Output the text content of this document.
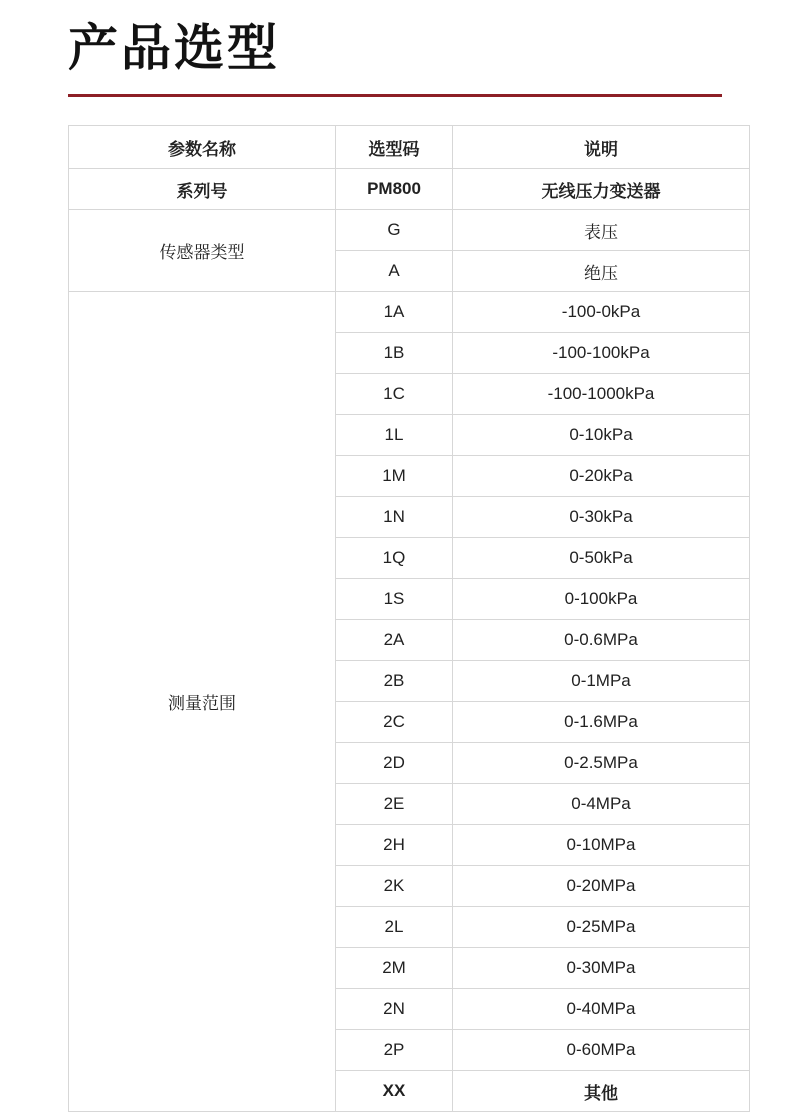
产品选型
参数名称	选型码	说明
系列号	PM800	无线压力变送器
传感器类型	G	表压
	A	绝压
测量范围	1A	-100-0kPa
	1B	-100-100kPa
	1C	-100-1000kPa
	1L	0-10kPa
	1M	0-20kPa
	1N	0-30kPa
	1Q	0-50kPa
	1S	0-100kPa
	2A	0-0.6MPa
	2B	0-1MPa
	2C	0-1.6MPa
	2D	0-2.5MPa
	2E	0-4MPa
	2H	0-10MPa
	2K	0-20MPa
	2L	0-25MPa
	2M	0-30MPa
	2N	0-40MPa
	2P	0-60MPa
	XX	其他
